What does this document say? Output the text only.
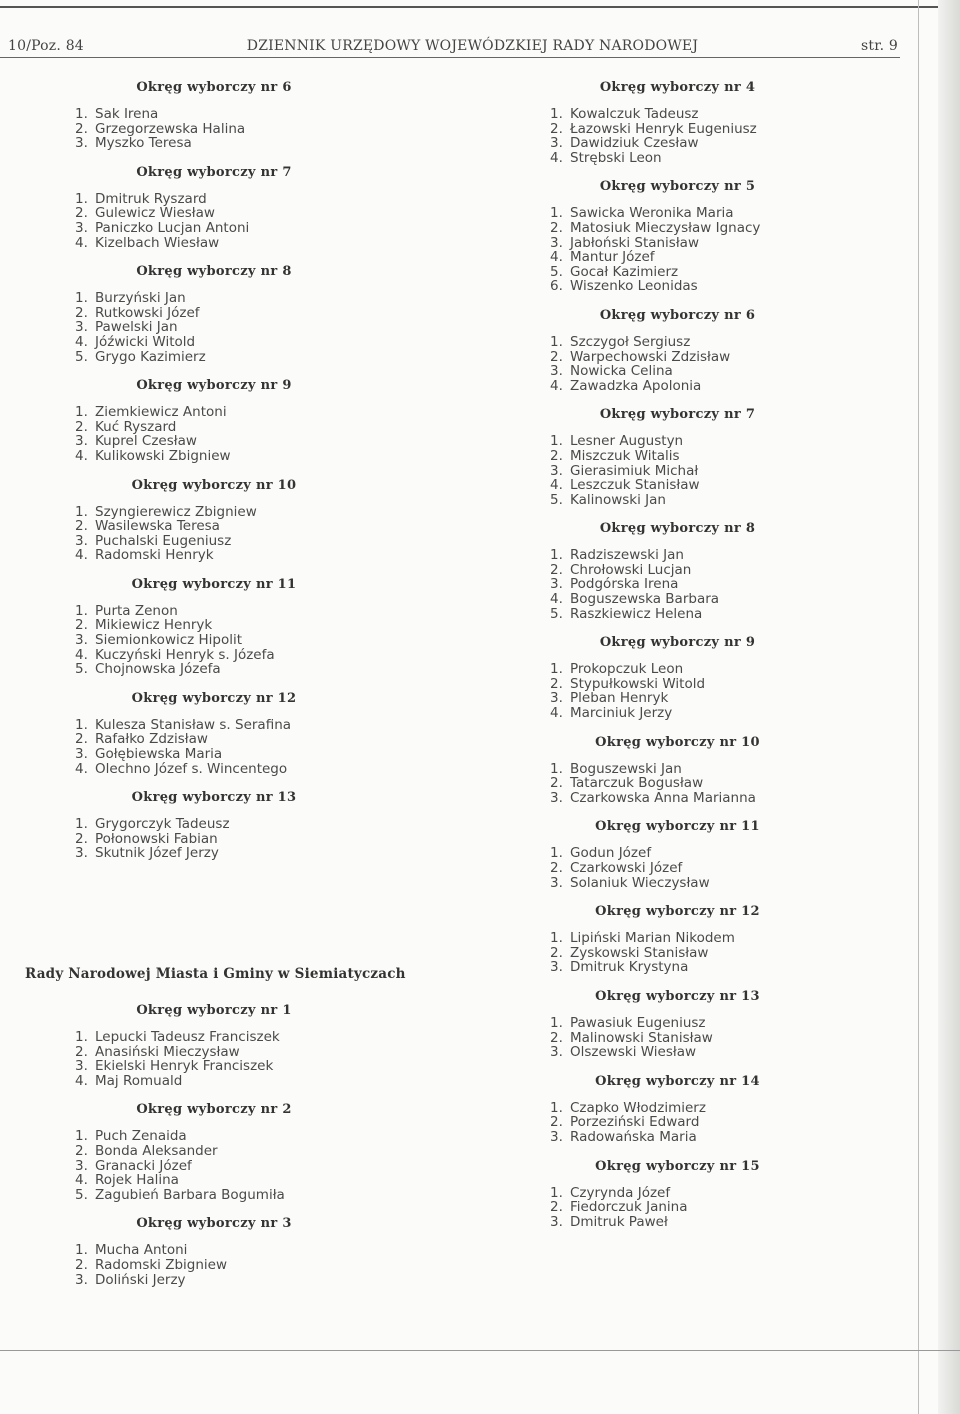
10/Poz. 84	DZIENNIK URZĘDOWY WOJEWÓDZKIEJ RADY NARODOWEJ	str. 9
Okręg wyborczy nr 6
1. Sak Irena
2. Grzegorzewska Halina
3. Myszko Teresa
Okręg wyborczy nr 7
1. Dmitruk Ryszard
2. Gulewicz Wiesław
3. Paniczko Lucjan Antoni
4. Kizelbach Wiesław
Okręg wyborczy nr 8
1. Burzyński Jan
2. Rutkowski Józef
3. Pawelski Jan
4. Jóźwicki Witold
5. Grygo Kazimierz
Okręg wyborczy nr 9
1. Ziemkiewicz Antoni
2. Kuć Ryszard
3. Kuprel Czesław
4. Kulikowski Zbigniew
Okręg wyborczy nr 10
1. Szyngierewicz Zbigniew
2. Wasilewska Teresa
3. Puchalski Eugeniusz
4. Radomski Henryk
Okręg wyborczy nr 11
1. Purta Zenon
2. Mikiewicz Henryk
3. Siemionkowicz Hipolit
4. Kuczyński Henryk s. Józefa
5. Chojnowska Józefa
Okręg wyborczy nr 12
1. Kulesza Stanisław s. Serafina
2. Rafałko Zdzisław
3. Gołębiewska Maria
4. Olechno Józef s. Wincentego
Okręg wyborczy nr 13
1. Grygorczyk Tadeusz
2. Połonowski Fabian
3. Skutnik Józef Jerzy
Okręg wyborczy nr 4
1. Kowalczuk Tadeusz
2. Łazowski Henryk Eugeniusz
3. Dawidziuk Czesław
4. Strębski Leon
Okręg wyborczy nr 5
1. Sawicka Weronika Maria
2. Matosiuk Mieczysław Ignacy
3. Jabłoński Stanisław
4. Mantur Józef
5. Gocał Kazimierz
6. Wiszenko Leonidas
Okręg wyborczy nr 6
1. Szczygoł Sergiusz
2. Warpechowski Zdzisław
3. Nowicka Celina
4. Zawadzka Apolonia
Okręg wyborczy nr 7
1. Lesner Augustyn
2. Miszczuk Witalis
3. Gierasimiuk Michał
4. Leszczuk Stanisław
5. Kalinowski Jan
Okręg wyborczy nr 8
1. Radziszewski Jan
2. Chrołowski Lucjan
3. Podgórska Irena
4. Boguszewska Barbara
5. Raszkiewicz Helena
Okręg wyborczy nr 9
1. Prokopczuk Leon
2. Stypułkowski Witold
3. Pleban Henryk
4. Marciniuk Jerzy
Okręg wyborczy nr 10
1. Boguszewski Jan
2. Tatarczuk Bogusław
3. Czarkowska Anna Marianna
Okręg wyborczy nr 11
1. Godun Józef
2. Czarkowski Józef
3. Solaniuk Wieczysław
Okręg wyborczy nr 12
1. Lipiński Marian Nikodem
2. Zyskowski Stanisław
3. Dmitruk Krystyna
Okręg wyborczy nr 13
1. Pawasiuk Eugeniusz
2. Malinowski Stanisław
3. Olszewski Wiesław
Okręg wyborczy nr 14
1. Czapko Włodzimierz
2. Porzeziński Edward
3. Radowańska Maria
Okręg wyborczy nr 15
1. Czyrynda Józef
2. Fiedorczuk Janina
3. Dmitruk Paweł
Rady Narodowej Miasta i Gminy w Siemiatyczach
Okręg wyborczy nr 1
1. Lepucki Tadeusz Franciszek
2. Anasiński Mieczysław
3. Ekielski Henryk Franciszek
4. Maj Romuald
Okręg wyborczy nr 2
1. Puch Zenaida
2. Bonda Aleksander
3. Granacki Józef
4. Rojek Halina
5. Zagubień Barbara Bogumiła
Okręg wyborczy nr 3
1. Mucha Antoni
2. Radomski Zbigniew
3. Doliński Jerzy
